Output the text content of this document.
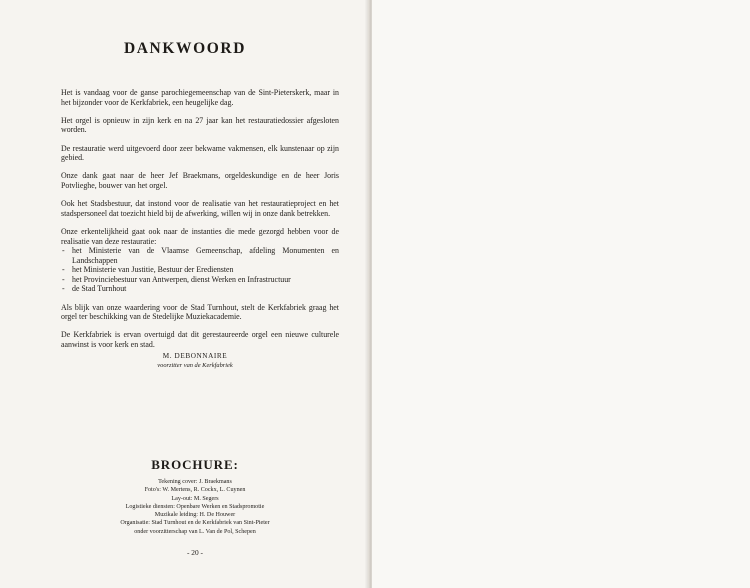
DANKWOORD

Het is vandaag voor de ganse parochiegemeenschap van de Sint-Pieterskerk, maar in het bijzonder voor de Kerkfabriek, een heugelijke dag.

Het orgel is opnieuw in zijn kerk en na 27 jaar kan het restauratiedossier afgesloten worden.

De restauratie werd uitgevoerd door zeer bekwame vakmensen, elk kunstenaar op zijn gebied.

Onze dank gaat naar de heer Jef Braekmans, orgeldeskundige en de heer Joris Potvlieghe, bouwer van het orgel.

Ook het Stadsbestuur, dat instond voor de realisatie van het restauratieproject en het stadspersoneel dat toezicht hield bij de afwerking, willen wij in onze dank betrekken.

Onze erkentelijkheid gaat ook naar de instanties die mede gezorgd hebben voor de realisatie van deze restauratie:

- het Ministerie van de Vlaamse Gemeenschap, afdeling Monumenten en Landschappen
- het Ministerie van Justitie, Bestuur der Erediensten
- het Provinciebestuur van Antwerpen, dienst Werken en Infrastructuur
- de Stad Turnhout

Als blijk van onze waardering voor de Stad Turnhout, stelt de Kerkfabriek graag het orgel ter beschikking van de Stedelijke Muziekacademie.

De Kerkfabriek is ervan overtuigd dat dit gerestaureerde orgel een nieuwe culturele aanwinst is voor kerk en stad.

M. DEBONNAIRE
voorzitter van de Kerkfabriek
BROCHURE:
Tekening cover: J. Braekmans
Foto's: W. Mertens, R. Cockx, L. Cuynen
Lay-out: M. Segers
Logistieke diensten: Openbare Werken en Stadspromotie
Muzikale leiding: H. De Houwer
Organisatie: Stad Turnhout en de Kerkfabriek van Sint-Pieter
onder voorzitterschap van L. Van de Pol, Schepen
- 20 -
